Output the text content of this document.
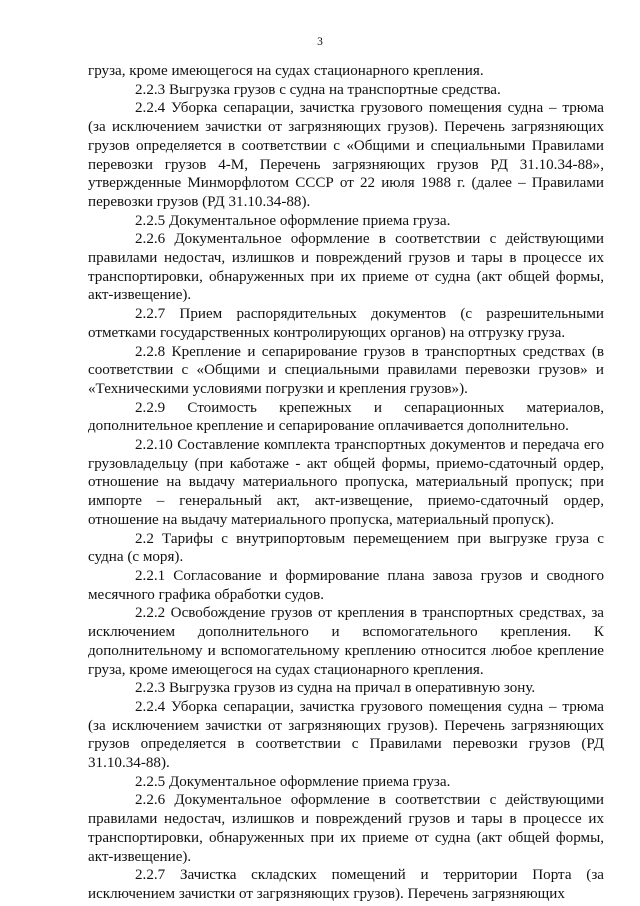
3

груза, кроме имеющегося на судах стационарного крепления.

2.2.3 Выгрузка грузов с судна на транспортные средства.

2.2.4 Уборка сепарации, зачистка грузового помещения судна – трюма (за исключением зачистки от загрязняющих грузов). Перечень загрязняющих грузов определяется в соответствии с «Общими и специальными Правилами перевозки грузов 4-М, Перечень загрязняющих грузов РД 31.10.34-88», утвержденные Минморфлотом СССР от 22 июля 1988 г. (далее – Правилами перевозки грузов (РД 31.10.34-88).

2.2.5 Документальное оформление приема груза.

2.2.6 Документальное оформление в соответствии с действующими правилами недостач, излишков и повреждений грузов и тары в процессе их транспортировки, обнаруженных при их приеме от судна (акт общей формы, акт-извещение).

2.2.7 Прием распорядительных документов (с разрешительными отметками государственных контролирующих органов) на отгрузку груза.

2.2.8 Крепление и сепарирование грузов в транспортных средствах (в соответствии с «Общими и специальными правилами перевозки грузов» и «Техническими условиями погрузки и крепления грузов»).

2.2.9 Стоимость крепежных и сепарационных материалов, дополнительное крепление и сепарирование оплачивается дополнительно.

2.2.10 Составление комплекта транспортных документов и передача его грузовладельцу (при каботаже - акт общей формы, приемо-сдаточный ордер, отношение на выдачу материального пропуска, материальный пропуск; при импорте – генеральный акт, акт-извещение, приемо-сдаточный ордер, отношение на выдачу материального пропуска, материальный пропуск).

2.2 Тарифы с внутрипортовым перемещением при выгрузке груза с судна (с моря).

2.2.1 Согласование и формирование плана завоза грузов и сводного месячного графика обработки судов.

2.2.2 Освобождение грузов от крепления в транспортных средствах, за исключением дополнительного и вспомогательного крепления. К дополнительному и вспомогательному креплению относится любое крепление груза, кроме имеющегося на судах стационарного крепления.

2.2.3 Выгрузка грузов из судна на причал в оперативную зону.

2.2.4 Уборка сепарации, зачистка грузового помещения судна – трюма (за исключением зачистки от загрязняющих грузов). Перечень загрязняющих грузов определяется в соответствии с Правилами перевозки грузов (РД 31.10.34-88).

2.2.5 Документальное оформление приема груза.

2.2.6 Документальное оформление в соответствии с действующими правилами недостач, излишков и повреждений грузов и тары в процессе их транспортировки, обнаруженных при их приеме от судна (акт общей формы, акт-извещение).

2.2.7 Зачистка складских помещений и территории Порта (за исключением зачистки от загрязняющих грузов). Перечень загрязняющих
